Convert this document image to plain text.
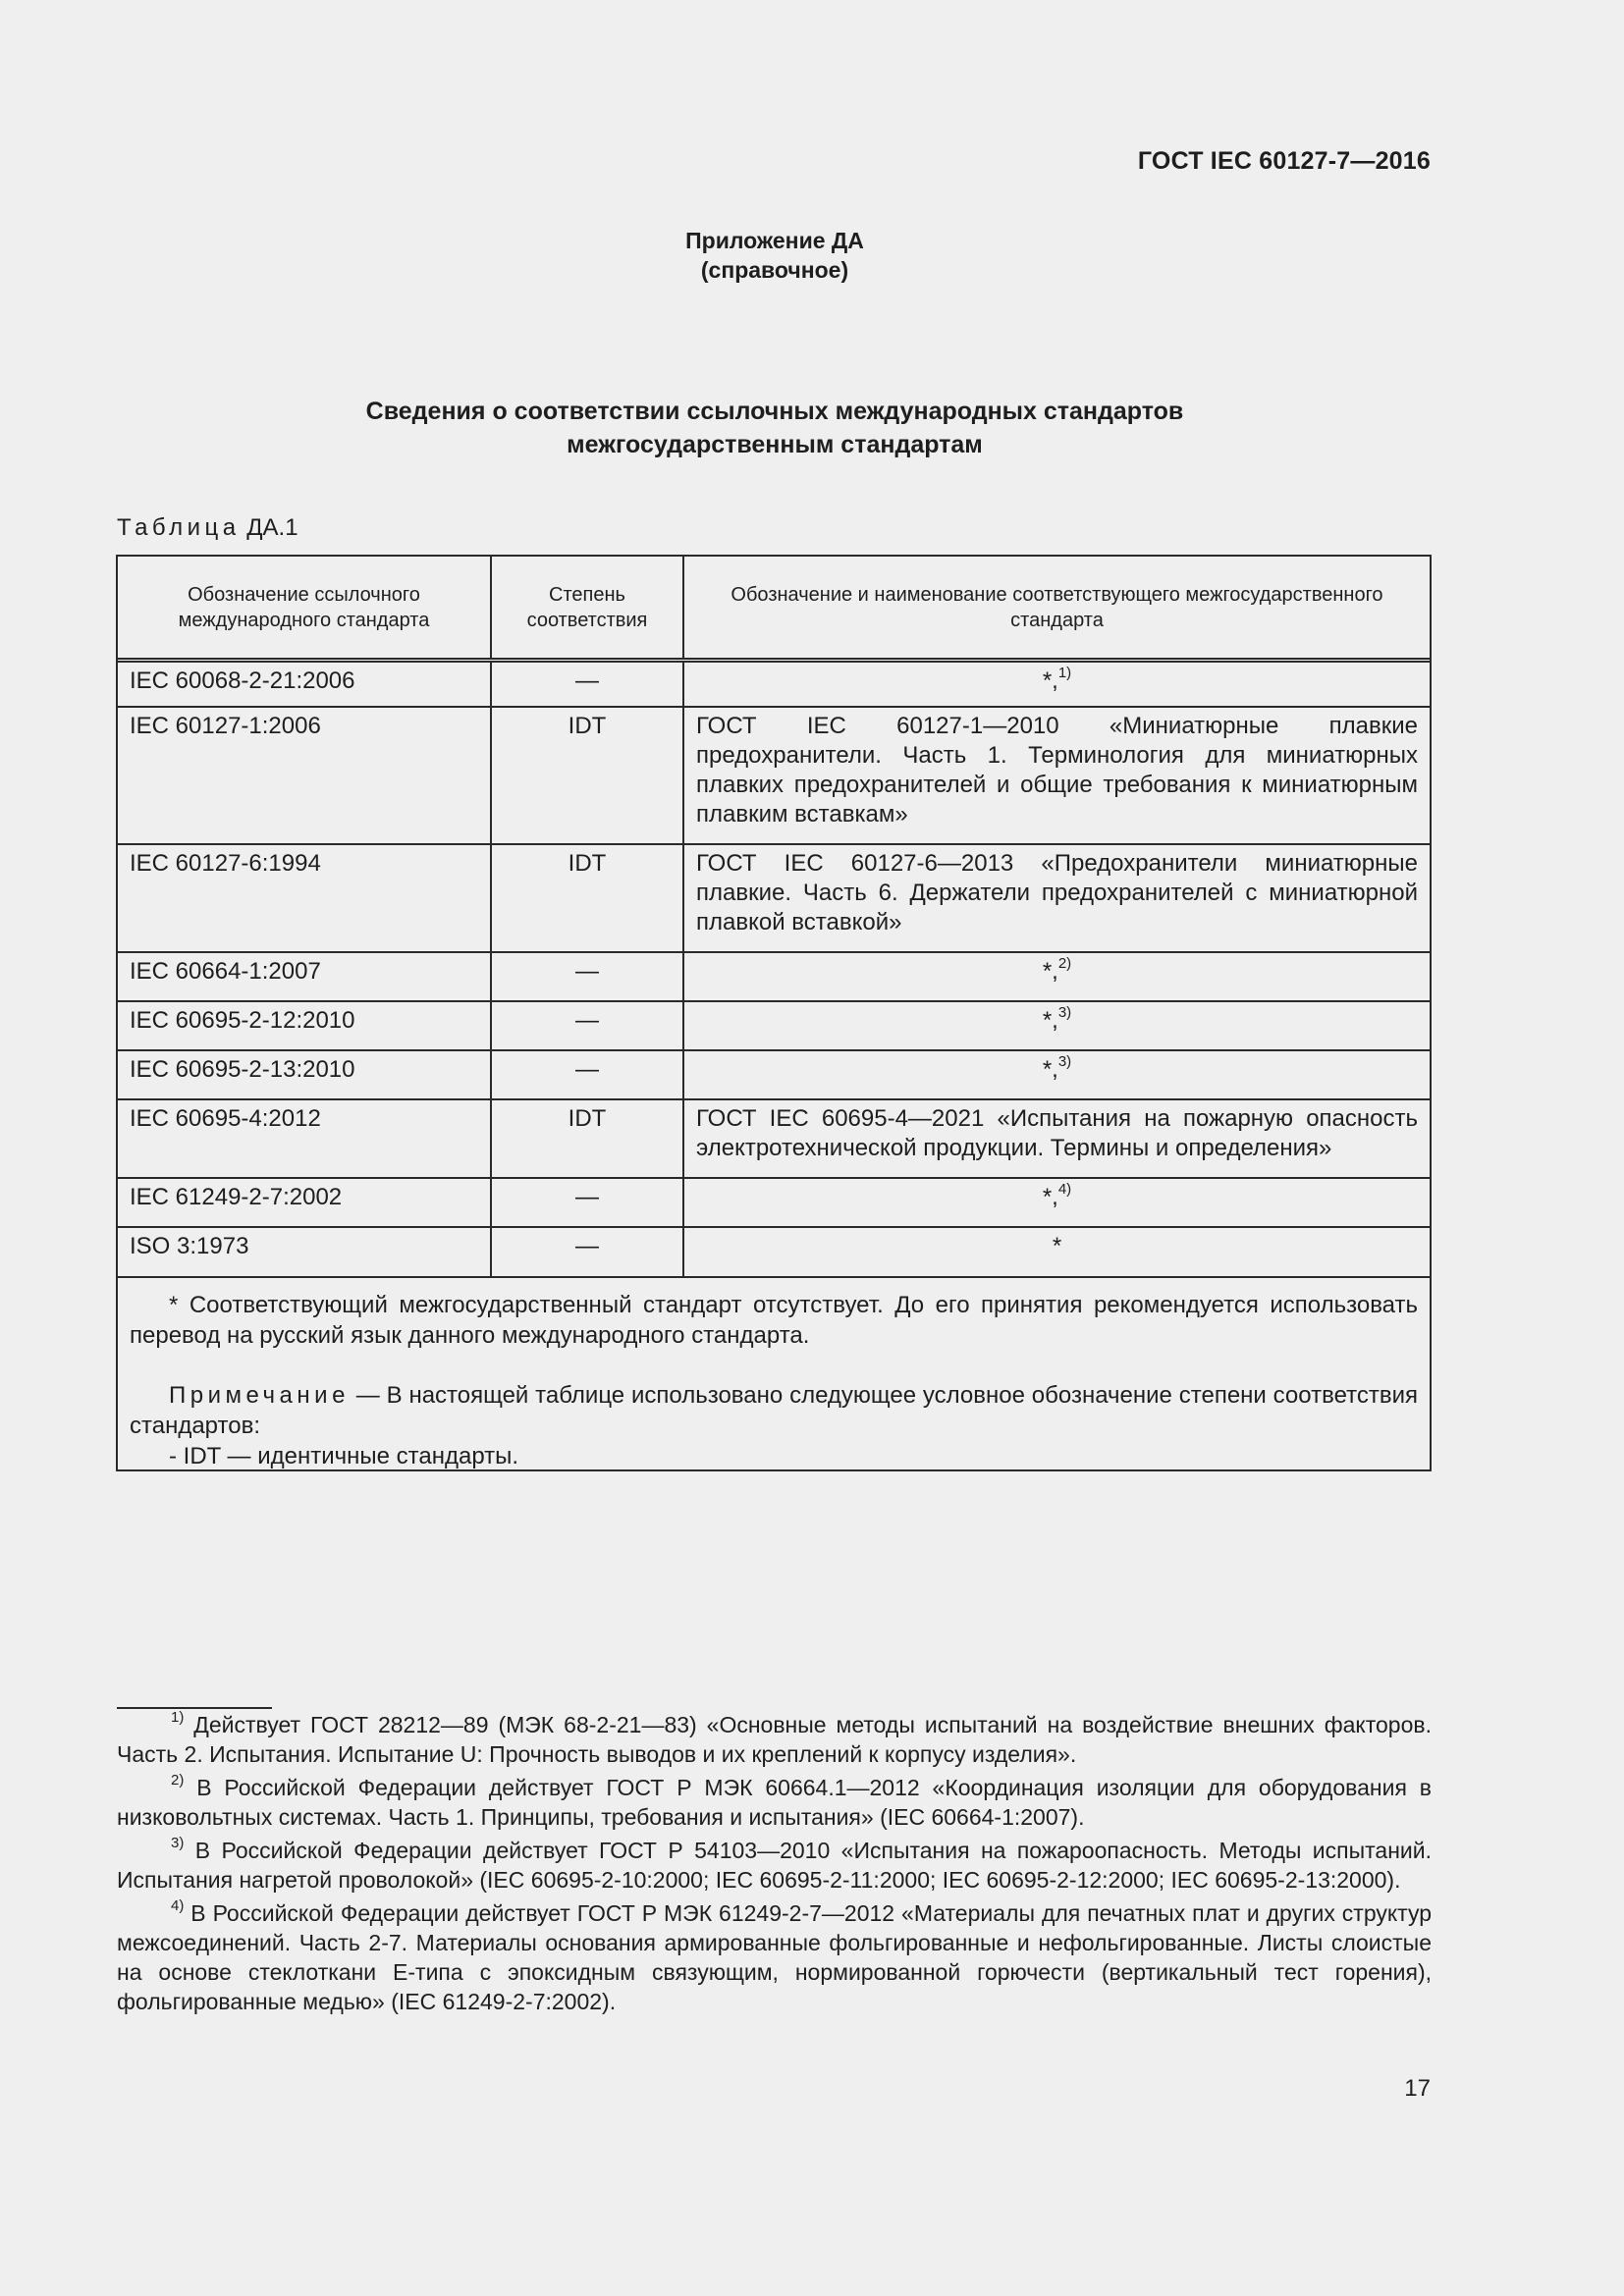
ГОСТ IEC 60127-7—2016
Приложение ДА
(справочное)
Сведения о соответствии ссылочных международных стандартов
межгосударственным стандартам
Таблица ДА.1
Обозначение ссылочного международного стандарта	Степень соответствия	Обозначение и наименование соответствующего межгосударственного стандарта
IEC 60068-2-21:2006	—	*,$^{1)}$
IEC 60127-1:2006	IDT	ГОСТ IEC 60127-1—2010 «Миниатюрные плавкие предохранители. Часть 1. Терминология для миниатюрных плавких предохранителей и общие требования к миниатюрным плавким вставкам»
IEC 60127-6:1994	IDT	ГОСТ IEC 60127-6—2013 «Предохранители миниатюрные плавкие. Часть 6. Держатели предохранителей с миниатюрной плавкой вставкой»
IEC 60664-1:2007	—	*,$^{2)}$
IEC 60695-2-12:2010	—	*,$^{3)}$
IEC 60695-2-13:2010	—	*,$^{3)}$
IEC 60695-4:2012	IDT	ГОСТ IEC 60695-4—2021 «Испытания на пожарную опасность электротехнической продукции. Термины и определения»
IEC 61249-2-7:2002	—	*,$^{4)}$
ISO 3:1973	—	*

* Соответствующий межгосударственный стандарт отсутствует. До его принятия рекомендуется использовать перевод на русский язык данного международного стандарта.

Примечание — В настоящей таблице использовано следующее условное обозначение степени соответствия стандартов:

- IDT — идентичные стандарты.

$^{1)}$ Действует ГОСТ 28212—89 (МЭК 68-2-21—83) «Основные методы испытаний на воздействие внешних факторов. Часть 2. Испытания. Испытание U: Прочность выводов и их креплений к корпусу изделия».

$^{2)}$ В Российской Федерации действует ГОСТ Р МЭК 60664.1—2012 «Координация изоляции для оборудования в низковольтных системах. Часть 1. Принципы, требования и испытания» (IEC 60664-1:2007).

$^{3)}$ В Российской Федерации действует ГОСТ Р 54103—2010 «Испытания на пожароопасность. Методы испытаний. Испытания нагретой проволокой» (IEC 60695-2-10:2000; IEC 60695-2-11:2000; IEC 60695-2-12:2000; IEC 60695-2-13:2000).

$^{4)}$ В Российской Федерации действует ГОСТ Р МЭК 61249-2-7—2012 «Материалы для печатных плат и других структур межсоединений. Часть 2-7. Материалы основания армированные фольгированные и нефольгированные. Листы слоистые на основе стеклоткани Е-типа с эпоксидным связующим, нормированной горючести (вертикальный тест горения), фольгированные медью» (IEC 61249-2-7:2002).

17
